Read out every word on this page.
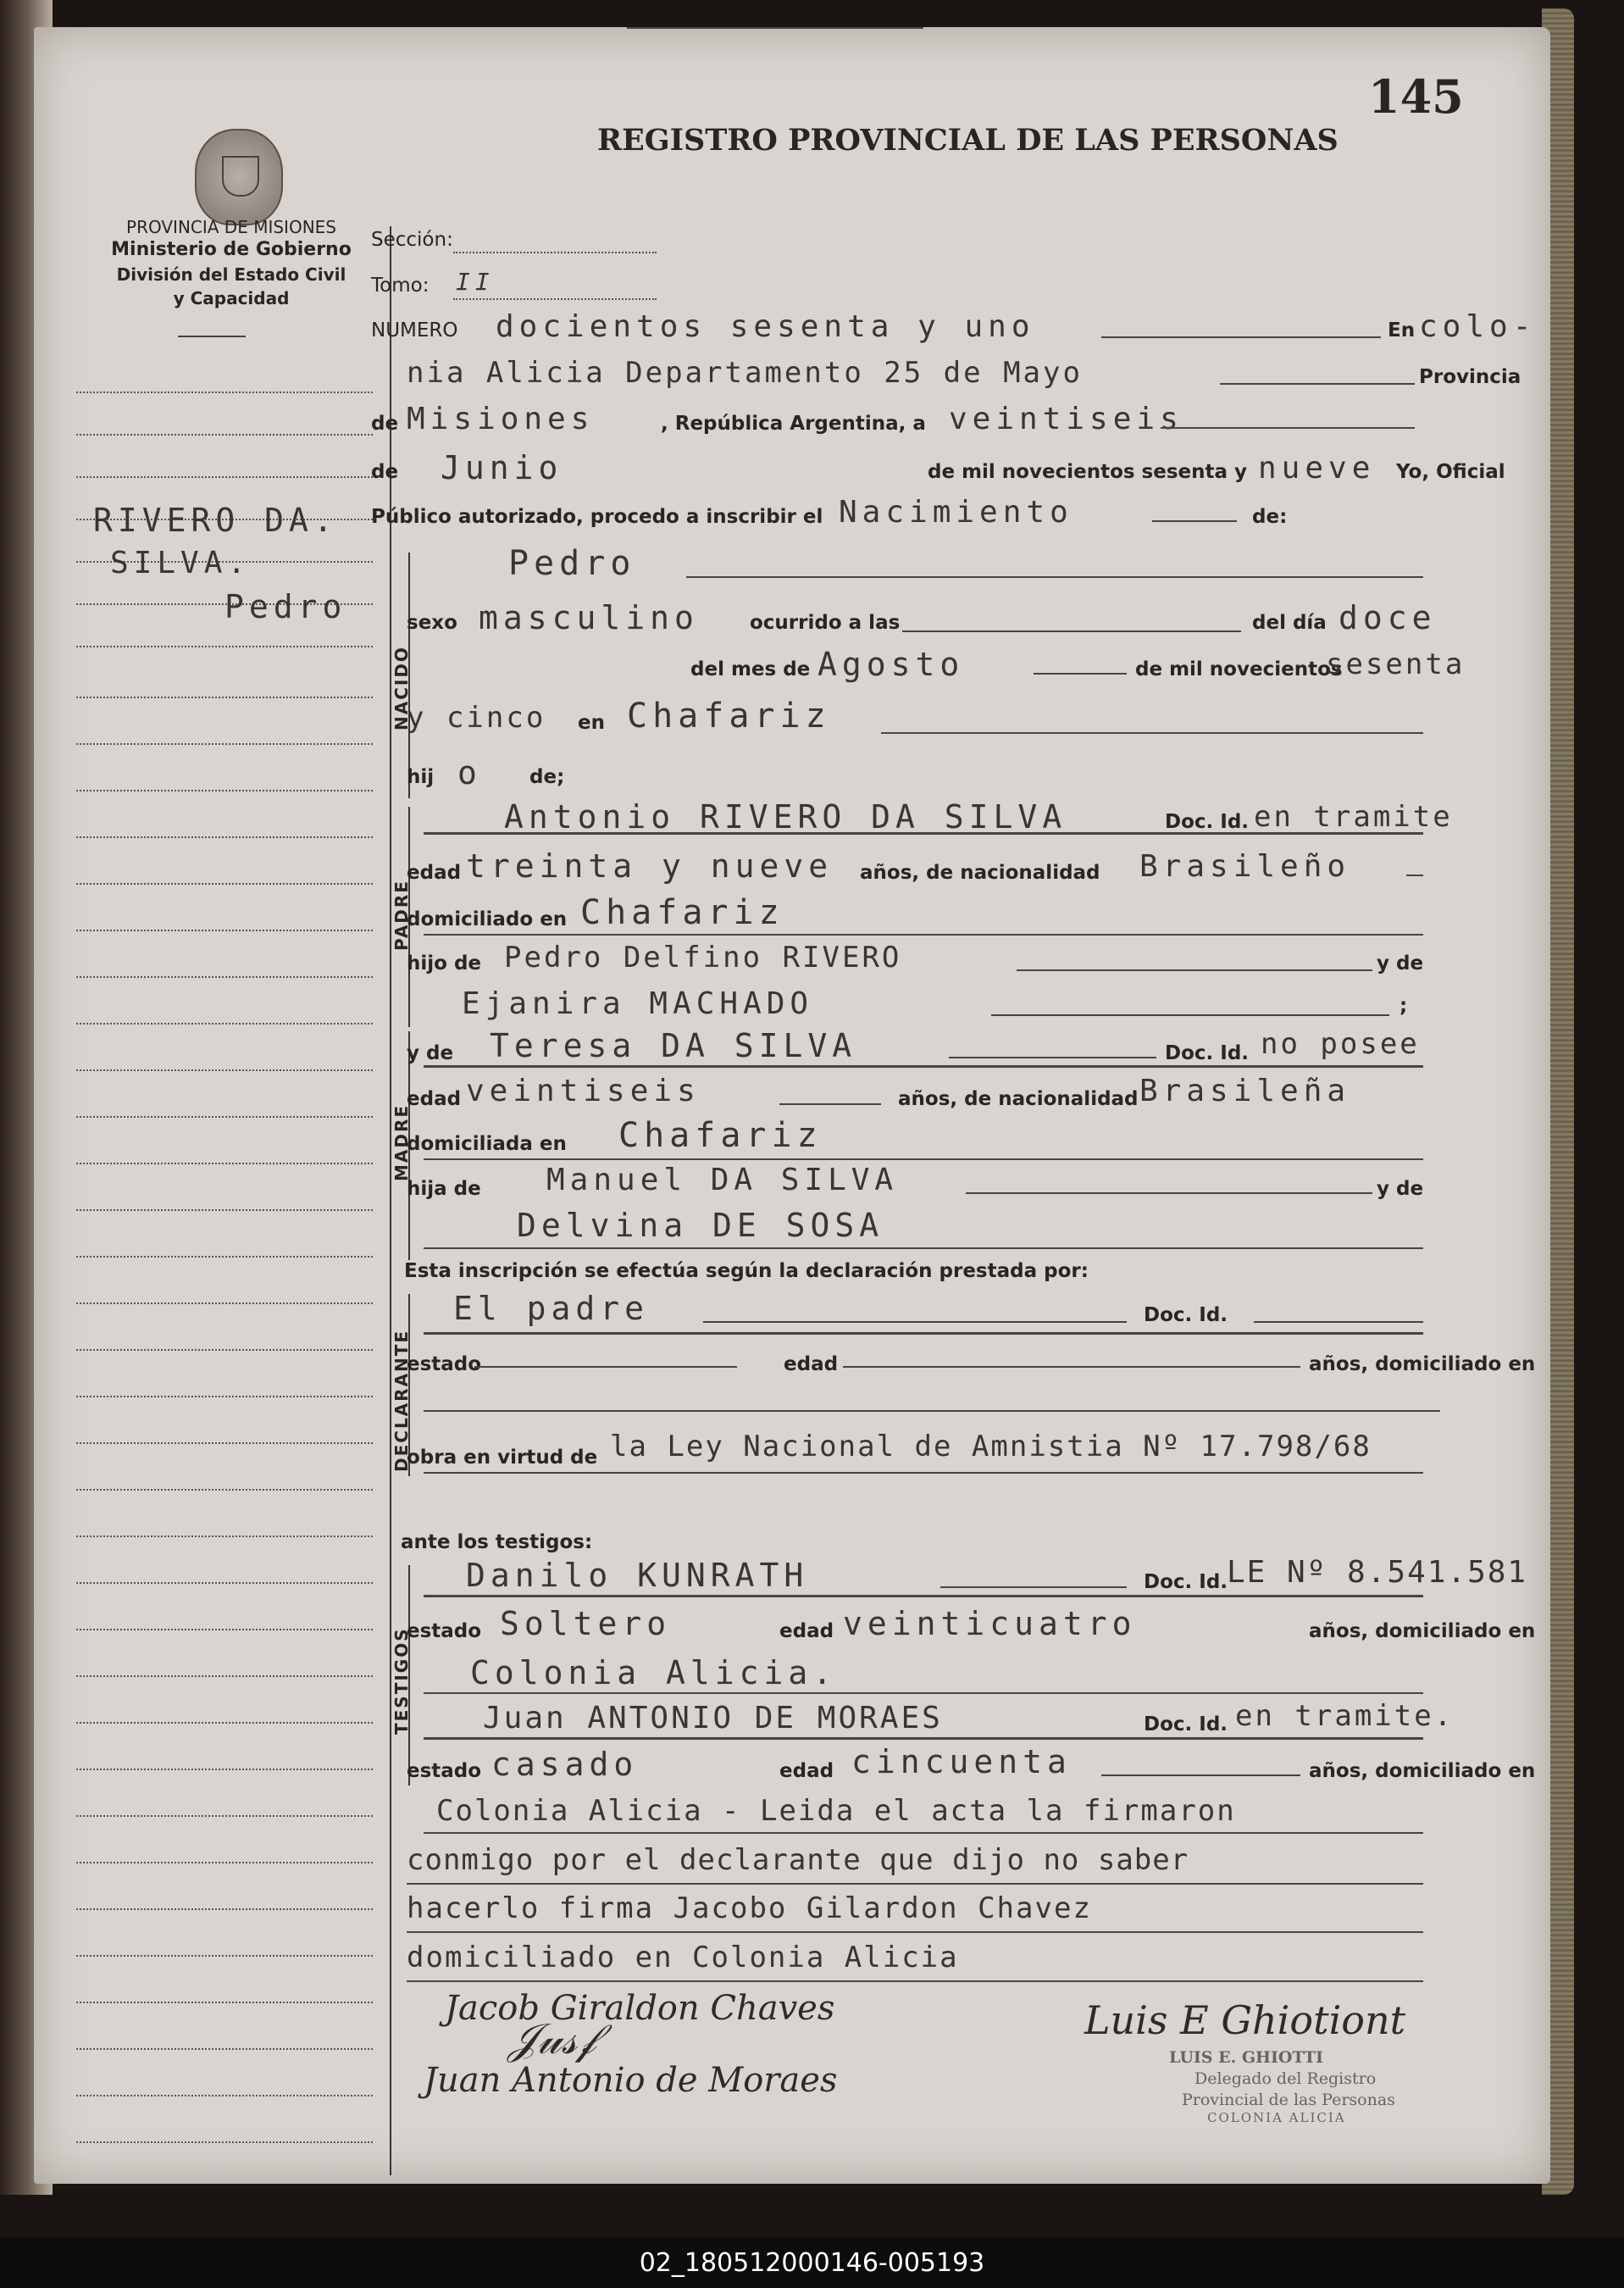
145
REGISTRO PROVINCIAL DE LAS PERSONAS
PROVINCIA DE MISIONES
Ministerio de Gobierno
División del Estado Civil
y Capacidad
RIVERO DA.
SILVA.
Pedro
Sección:
Tomo: II
NUMERO docientos sesenta y uno	En colo-
nia Alicia Departamento 25 de Mayo	Provincia
de Misiones	, República Argentina, a veintiseis
de Junio	de mil novecientos sesenta y nueve Yo, Oficial
Público autorizado, procedo a inscribir el Nacimiento	de:
NACIDO
Pedro
sexo masculino	ocurrido a las	del día doce
del mes de Agosto	de mil novecientos
sesenta
y cinco en Chafariz
hij o de;
PADRE
Antonio RIVERO DA SILVA	Doc. Id. en tramite
edad treinta y nueve años, de nacionalidad Brasileño
domiciliado en Chafariz
hijo de Pedro Delfino RIVERO	y de
Ejanira MACHADO	;
MADRE
y de Teresa DA SILVA	Doc. Id. no posee
edad veintiseis	años, de nacionalidad Brasileña
domiciliada en Chafariz
hija de Manuel DA SILVA	y de
Delvina DE SOSA
Esta inscripción se efectúa según la declaración prestada por:
DECLARANTE
El padre	Doc. Id.
estado	edad	años, domiciliado en
obra en virtud de la Ley Nacional de Amnistia Nº 17.798/68
ante los testigos:
TESTIGOS
Danilo KUNRATH	Doc. Id.
LE Nº 8.541.581
estado Soltero	edad veinticuatro	años, domiciliado en
Colonia Alicia.
Juan ANTONIO DE MORAES	Doc. Id. en tramite.
estado casado	edad cincuenta	años, domiciliado en
Colonia Alicia - Leida el acta la firmaron
conmigo por el declarante que dijo no saber
hacerlo firma Jacobo Gilardon Chavez
domiciliado en Colonia Alicia
Jacob Giraldon Chaves	Luis E Ghiotiont
Juan Antonio de Moraes
𝒥𝓊𝓈𝒻	LUIS E. GHIOTTI
Delegado del Registro
Provincial de las Personas
COLONIA ALICIA
02_180512000146-005193
